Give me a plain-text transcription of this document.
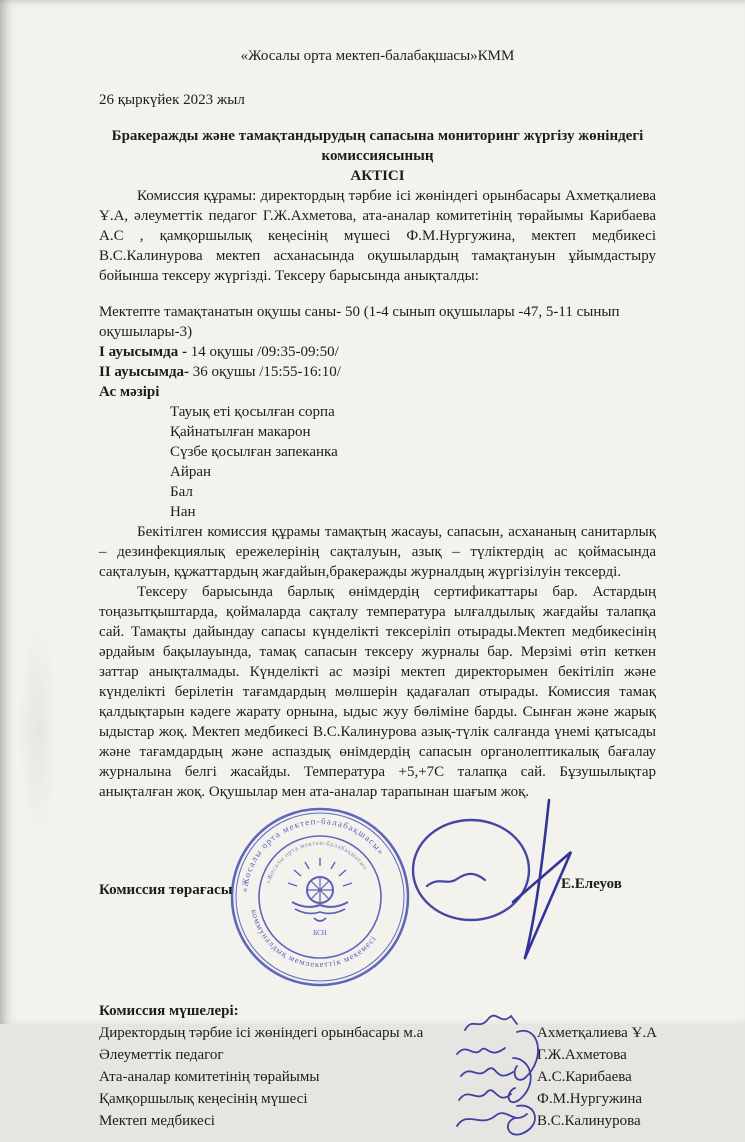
«Жосалы орта мектеп-балабақшасы»КММ
26 қыркүйек 2023 жыл
Бракеражды және тамақтандырудың сапасына мониторинг жүргізу жөніндегі
комиссиясының
АКТІСІ

Комиссия құрамы: директордың тәрбие ісі жөніндегі орынбасары Ахметқалиева Ұ.А, әлеуметтік педагог Г.Ж.Ахметова, ата-аналар комитетінің төрайымы Карибаева А.С , қамқоршылық кеңесінің мүшесі Ф.М.Нургужина, мектеп медбикесі В.С.Калинурова мектеп асханасында оқушылардың тамақтануын ұйымдастыру бойынша тексеру жүргізді. Тексеру барысында анықталды:

Мектепте тамақтанатын оқушы саны- 50 (1-4 сынып оқушылары -47, 5-11 сынып оқушылары-3)
I ауысымда - 14 оқушы /09:35-09:50/
II ауысымда- 36 оқушы /15:55-16:10/
Ас мәзірі
Тауық еті қосылған сорпа
Қайнатылған макарон
Сүзбе қосылған запеканка
Айран
Бал
Нан

Бекітілген комиссия құрамы тамақтың жасауы, сапасын, асхананың санитарлық – дезинфекциялық ережелерінің сақталуын, азық – түліктердің ас қоймасында сақталуын, құжаттардың жағдайын,бракеражды журналдың жүргізілуін тексерді.

Тексеру барысында барлық өнімдердің сертификаттары бар. Астардың тоңазытқыштарда, қоймаларда сақталу температура ылғалдылық жағдайы талапқа сай. Тамақты дайындау сапасы күнделікті тексеріліп отырады.Мектеп медбикесінің әрдайым бақылауында, тамақ сапасын тексеру журналы бар. Мерзімі өтіп кеткен заттар анықталмады. Күнделікті ас мәзірі мектеп директорымен бекітіліп және күнделікті берілетін тағамдардың мөлшерін қадағалап отырады. Комиссия тамақ қалдықтарын кәдеге жарату орнына, ыдыс жуу бөліміне барды. Сынған және жарық ыдыстар жоқ. Мектеп медбикесі В.С.Калинурова азық-түлік салғанда үнемі қатысады және тағамдардың және аспаздық өнімдердің сапасын органолептикалық бағалау журналына белгі жасайды. Температура +5,+7С талапқа сай. Бұзушылықтар анықталған жоқ. Оқушылар мен ата-аналар тарапынан шағым жоқ.

«Жосалы орта мектеп-балабақшасы»
коммуналдық мемлекеттік мекемесі
«Жосалы орта мектеп-балабақшасы»
БСН
Комиссия төрағасы	Е.Елеуов
Комиссия мүшелері:
Директордың тәрбие ісі жөніндегі орынбасары м.а	Ахметқалиева Ұ.А
Әлеуметтік педагог	Г.Ж.Ахметова
Ата-аналар комитетінің төрайымы	А.С.Карибаева
Қамқоршылық кеңесінің мүшесі	Ф.М.Нургужина
Мектеп медбикесі	В.С.Калинурова
